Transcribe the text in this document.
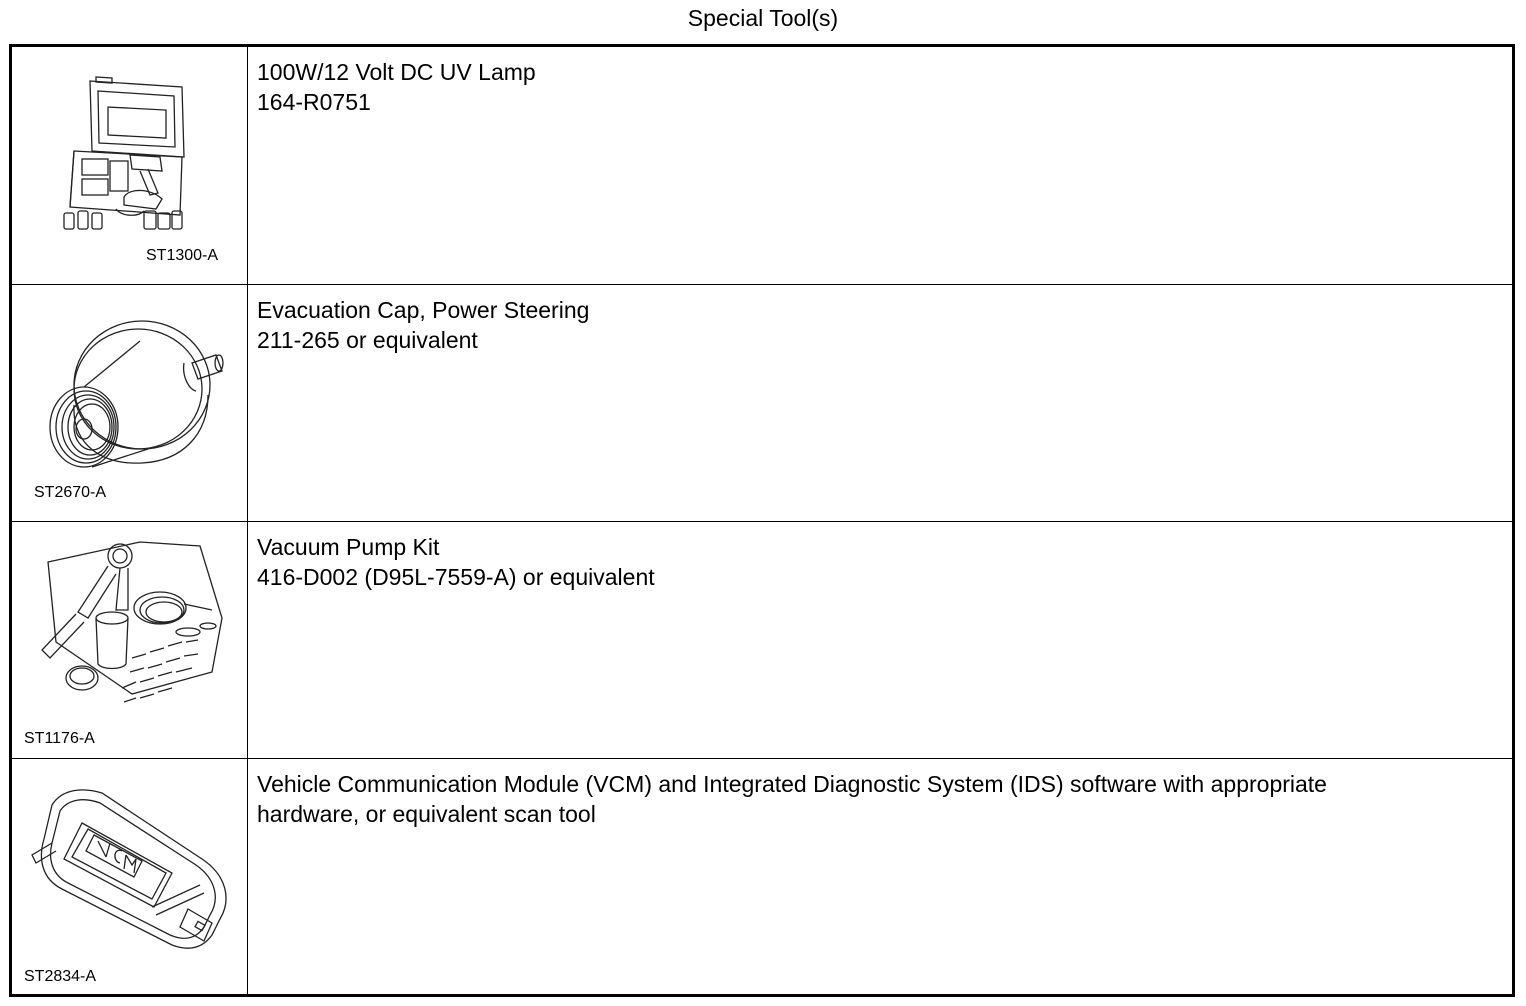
Special Tool(s)
ST1300-A
100W/12 Volt DC UV Lamp
164-R0751
ST2670-A
Evacuation Cap, Power Steering
211-265 or equivalent
ST1176-A
Vacuum Pump Kit
416-D002 (D95L-7559-A) or equivalent
ST2834-A
Vehicle Communication Module (VCM) and Integrated Diagnostic System (IDS) software with appropriate
hardware, or equivalent scan tool
